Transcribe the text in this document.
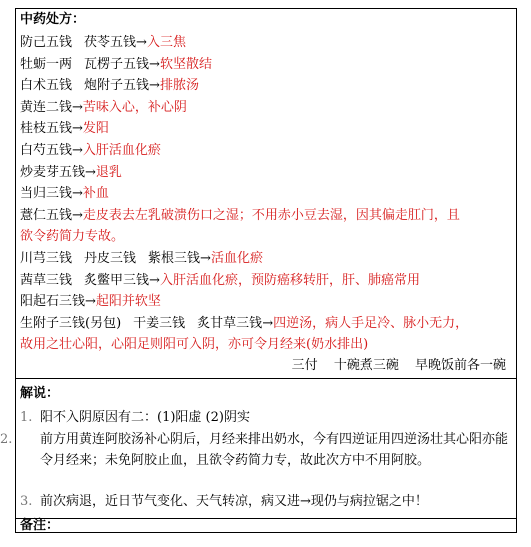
中药处方：
防己五钱 茯苓五钱→入三焦
牡蛎一两 瓦楞子五钱→软坚散结
白术五钱 炮附子五钱→排脓汤
黄连二钱→苦味入心，补心阴
桂枝五钱→发阳
白芍五钱→入肝活血化瘀
炒麦芽五钱→退乳
当归三钱→补血
薏仁五钱→走皮表去左乳破溃伤口之湿；不用赤小豆去湿，因其偏走肛门，且
欲令药简力专故。
川芎三钱 丹皮三钱 紫根三钱→活血化瘀
茜草三钱 炙鳖甲三钱→入肝活血化瘀，预防癌移转肝，肝、肺癌常用
阳起石三钱→起阳并软坚
生附子三钱(另包) 干姜三钱 炙甘草三钱→四逆汤，病人手足冷、脉小无力，
故用之壮心阳，心阳足则阳可入阴，亦可令月经来(奶水排出)
三付 十碗煮三碗 早晚饭前各一碗
解说：
1. 阳不入阴原因有二：(1)阳虚 (2)阴实
2. 前方用黄连阿胶汤补心阴后，月经来排出奶水，今有四逆证用四逆汤壮其心阳亦能令月经来；未免阿胶止血，且欲令药简力专，故此次方中不用阿胶。
3. 前次病退，近日节气变化、天气转凉，病又进→现仍与病拉锯之中！
备注：
